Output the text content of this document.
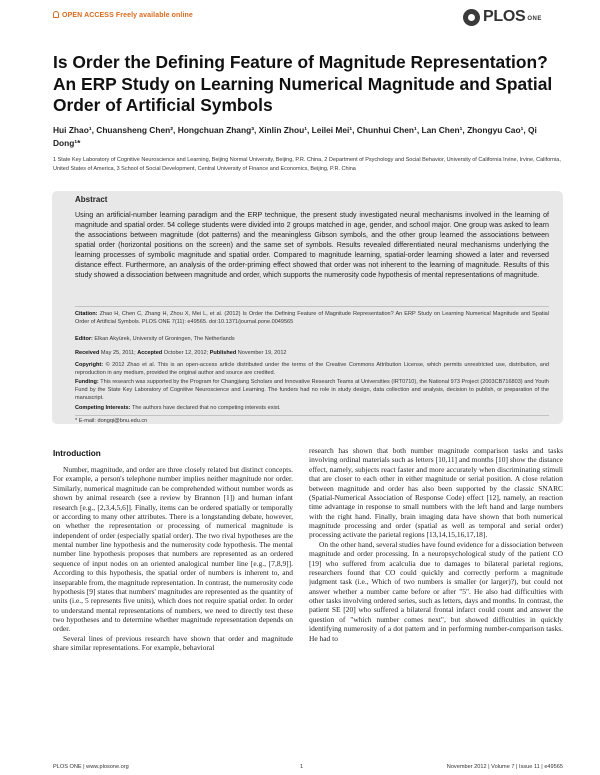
OPEN ACCESS Freely available online	PLOS ONE
Is Order the Defining Feature of Magnitude Representation? An ERP Study on Learning Numerical Magnitude and Spatial Order of Artificial Symbols
Hui Zhao¹, Chuansheng Chen², Hongchuan Zhang³, Xinlin Zhou¹, Leilei Mei¹, Chunhui Chen¹, Lan Chen¹, Zhongyu Cao¹, Qi Dong¹*
1 State Key Laboratory of Cognitive Neuroscience and Learning, Beijing Normal University, Beijing, P.R. China, 2 Department of Psychology and Social Behavior, University of California Irvine, Irvine, California, United States of America, 3 School of Social Development, Central University of Finance and Economics, Beijing, P.R. China
Abstract
Using an artificial-number learning paradigm and the ERP technique, the present study investigated neural mechanisms involved in the learning of magnitude and spatial order. 54 college students were divided into 2 groups matched in age, gender, and school major. One group was asked to learn the associations between magnitude (dot patterns) and the meaningless Gibson symbols, and the other group learned the associations between spatial order (horizontal positions on the screen) and the same set of symbols. Results revealed differentiated neural mechanisms underlying the learning processes of symbolic magnitude and spatial order. Compared to magnitude learning, spatial-order learning showed a later and reversed distance effect. Furthermore, an analysis of the order-priming effect showed that order was not inherent to the learning of magnitude. Results of this study showed a dissociation between magnitude and order, which supports the numerosity code hypothesis of mental representations of magnitude.
Citation: Zhao H, Chen C, Zhang H, Zhou X, Mei L, et al. (2012) Is Order the Defining Feature of Magnitude Representation? An ERP Study on Learning Numerical Magnitude and Spatial Order of Artificial Symbols. PLOS ONE 7(11): e49565. doi:10.1371/journal.pone.0049565
Editor: Elkan Akyürek, University of Groningen, The Netherlands
Received May 25, 2011; Accepted October 12, 2012; Published November 19, 2012
Copyright: © 2012 Zhao et al. This is an open-access article distributed under the terms of the Creative Commons Attribution License, which permits unrestricted use, distribution, and reproduction in any medium, provided the original author and source are credited.
Funding: This research was supported by the Program for Changjiang Scholars and Innovative Research Teams at Universities (IRT0710), the National 973 Project (2003CB716803) and Youth Fund by the State Key Laboratory of Cognitive Neuroscience and Learning. The funders had no role in study design, data collection and analysis, decision to publish, or preparation of the manuscript.
Competing Interests: The authors have declared that no competing interests exist.
* E-mail: dongqi@bnu.edu.cn
Introduction

Number, magnitude, and order are three closely related but distinct concepts. For example, a person's telephone number implies neither magnitude nor order. Similarly, numerical magnitude can be comprehended without number words as shown by animal research (see a review by Brannon [1]) and human infant research [e.g., [2,3,4,5,6]]. Finally, items can be ordered spatially or temporally or according to many other attributes. There is a longstanding debate, however, on whether the representation or processing of numerical magnitude is independent of order (especially spatial order). The two rival hypotheses are the mental number line hypothesis and the numerosity code hypothesis. The mental number line hypothesis proposes that numbers are represented as an ordered sequence of input nodes on an oriented analogical number line [e.g., [7,8,9]]. According to this hypothesis, the spatial order of numbers is inherent to, and inseparable from, the magnitude representation. In contrast, the numerosity code hypothesis [9] states that numbers' magnitudes are represented as the quantity of units (i.e., 5 represents five units), which does not require spatial order. In order to understand mental representations of numbers, we need to directly test these two hypotheses and to determine whether magnitude representation depends on order.

Several lines of previous research have shown that order and magnitude share similar representations. For example, behavioral

research has shown that both number magnitude comparison tasks and tasks involving ordinal materials such as letters [10,11] and months [10] show the distance effect, namely, subjects react faster and more accurately when discriminating stimuli that are closer to each other in either magnitude or serial position. A close relation between magnitude and order has also been supported by the classic SNARC (Spatial-Numerical Association of Response Code) effect [12], namely, an reaction time advantage in response to small numbers with the left hand and large numbers with the right hand. Finally, brain imaging data have shown that both numerical magnitude processing and order (spatial as well as temporal and serial order) processing activate the parietal regions [13,14,15,16,17,18].

On the other hand, several studies have found evidence for a dissociation between magnitude and order processing. In a neuropsychological study of the patient CO [19] who suffered from acalculia due to damages to bilateral parietal regions, researchers found that CO could quickly and correctly perform a magnitude judgment task (i.e., Which of two numbers is smaller (or larger)?), but could not answer whether a number came before or after "5". He also had difficulties with other tasks involving ordered series, such as letters, days and months. In contrast, the patient SE [20] who suffered a bilateral frontal infarct could count and answer the question of "which number comes next", but showed difficulties in quickly identifying numerosity of a dot pattern and in performing number-comparison tasks. He had to

PLOS ONE | www.plosone.org	1	November 2012 | Volume 7 | Issue 11 | e49565
